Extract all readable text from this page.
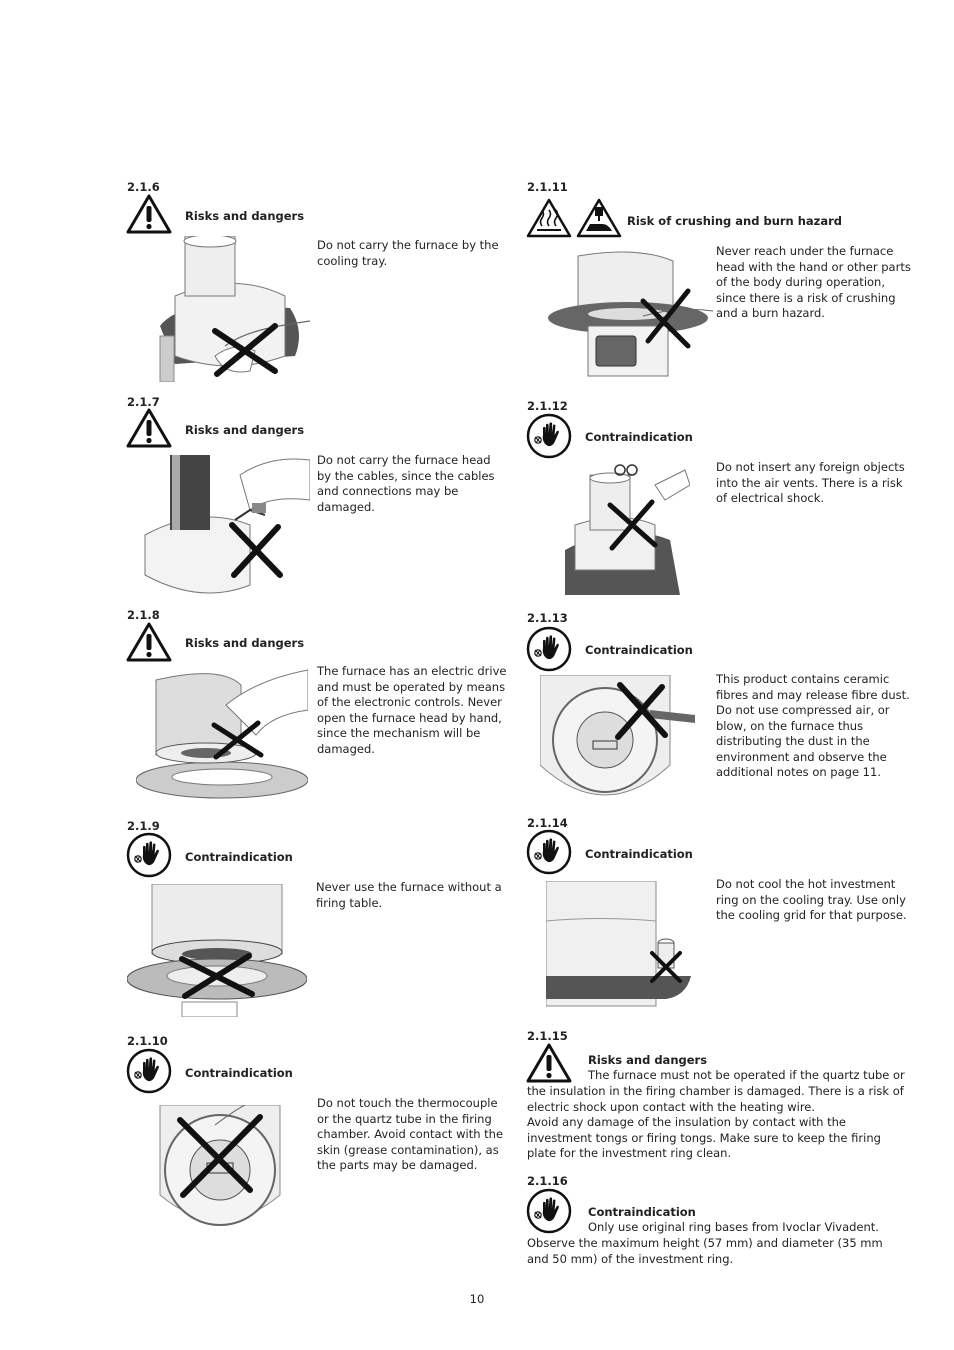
2.1.6
Risks and dangers
Do not carry the furnace by the cooling tray.
2.1.7
Risks and dangers
Do not carry the furnace head by the cables, since the cables and connections may be damaged.
2.1.8
Risks and dangers
The furnace has an electric drive and must be operated by means of the electronic controls. Never open the furnace head by hand, since the mechanism will be damaged.
2.1.9
Contraindication
Never use the furnace without a firing table.
2.1.10
Contraindication
Do not touch the thermocouple or the quartz tube in the firing chamber. Avoid contact with the skin (grease contamination), as the parts may be damaged.
2.1.11
Risk of crushing and burn hazard
Never reach under the furnace head with the hand or other parts of the body during operation, since there is a risk of crushing and a burn hazard.
2.1.12
Contraindication
Do not insert any foreign objects into the air vents. There is a risk of electrical shock.
2.1.13
Contraindication
This product contains ceramic fibres and may release fibre dust. Do not use compressed air, or blow, on the furnace thus distributing the dust in the environment and observe the additional notes on page 11.
2.1.14
Contraindication
Do not cool the hot investment ring on the cooling tray. Use only the cooling grid for that purpose.
2.1.15
Risks and dangers
The furnace must not be operated if the quartz tube or
the insulation in the firing chamber is damaged. There is a risk of electric shock upon contact with the heating wire.
Avoid any damage of the insulation by contact with the investment tongs or firing tongs. Make sure to keep the firing plate for the investment ring clean.
2.1.16
Contraindication
Only use original ring bases from Ivoclar Vivadent.
Observe the maximum height (57 mm) and diameter (35 mm and 50 mm) of the investment ring.
10
